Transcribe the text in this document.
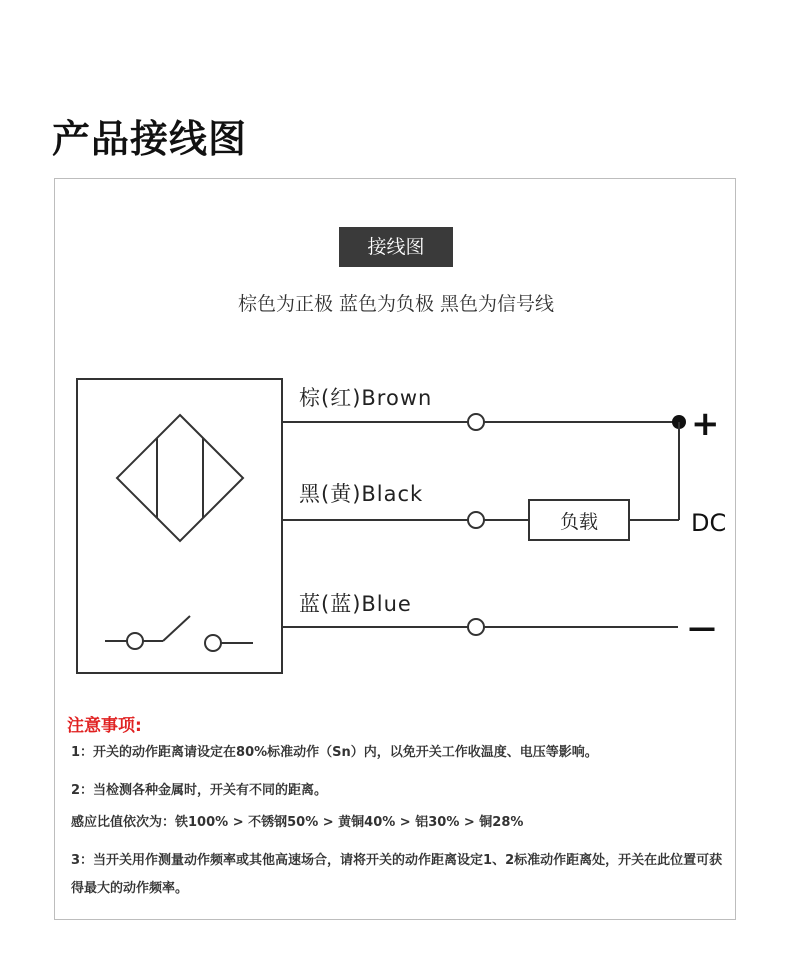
产品接线图
接线图
棕色为正极 蓝色为负极 黑色为信号线
棕(红)Brown
+
黑(黄)Black
负载	DC
蓝(蓝)Blue
—
注意事项:
1：开关的动作距离请设定在80%标准动作（Sn）内，以免开关工作收温度、电压等影响。
2：当检测各种金属时，开关有不同的距离。
感应比值依次为：铁100% > 不锈钢50% > 黄铜40% > 铝30% > 铜28%
3：当开关用作测量动作频率或其他高速场合，请将开关的动作距离设定1、2标准动作距离处，开关在此位置可获得最大的动作频率。
